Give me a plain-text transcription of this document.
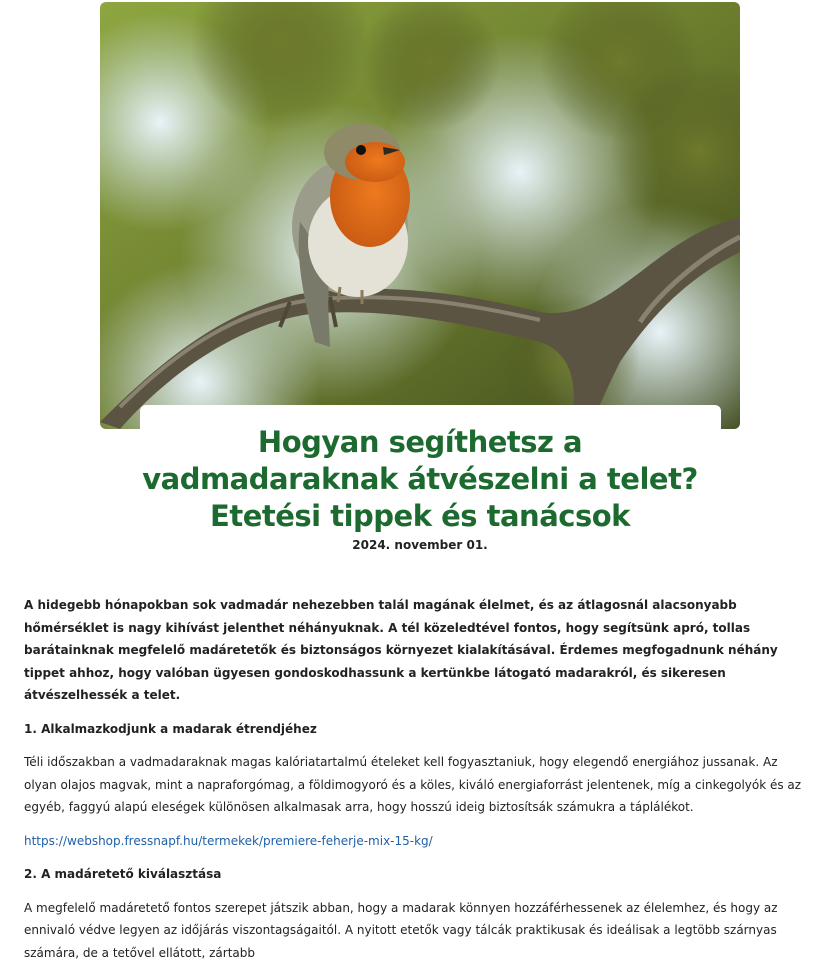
Hogyan segíthetsz a vadmadaraknak átvészelni a telet? Etetési tippek és tanácsok
2024. november 01.

A hidegebb hónapokban sok vadmadár nehezebben talál magának élelmet, és az átlagosnál alacsonyabb hőmérséklet is nagy kihívást jelenthet néhányuknak. A tél közeledtével fontos, hogy segítsünk apró, tollas barátainknak megfelelő madáretetők és biztonságos környezet kialakításával. Érdemes megfogadnunk néhány tippet ahhoz, hogy valóban ügyesen gondoskodhassunk a kertünkbe látogató madarakról, és sikeresen átvészelhessék a telet.

1. Alkalmazkodjunk a madarak étrendjéhez

Téli időszakban a vadmadaraknak magas kalóriatartalmú ételeket kell fogyasztaniuk, hogy elegendő energiához jussanak. Az olyan olajos magvak, mint a napraforgómag, a földimogyoró és a köles, kiváló energiaforrást jelentenek, míg a cinkegolyók és az egyéb, faggyú alapú eleségek különösen alkalmasak arra, hogy hosszú ideig biztosítsák számukra a táplálékot.

https://webshop.fressnapf.hu/termekek/premiere-feherje-mix-15-kg/

2. A madáretető kiválasztása

A megfelelő madáretető fontos szerepet játszik abban, hogy a madarak könnyen hozzáférhessenek az élelemhez, és hogy az ennivaló védve legyen az időjárás viszontagságaitól. A nyitott etetők vagy tálcák praktikusak és ideálisak a legtöbb szárnyas számára, de a tetővel ellátott, zártabb
